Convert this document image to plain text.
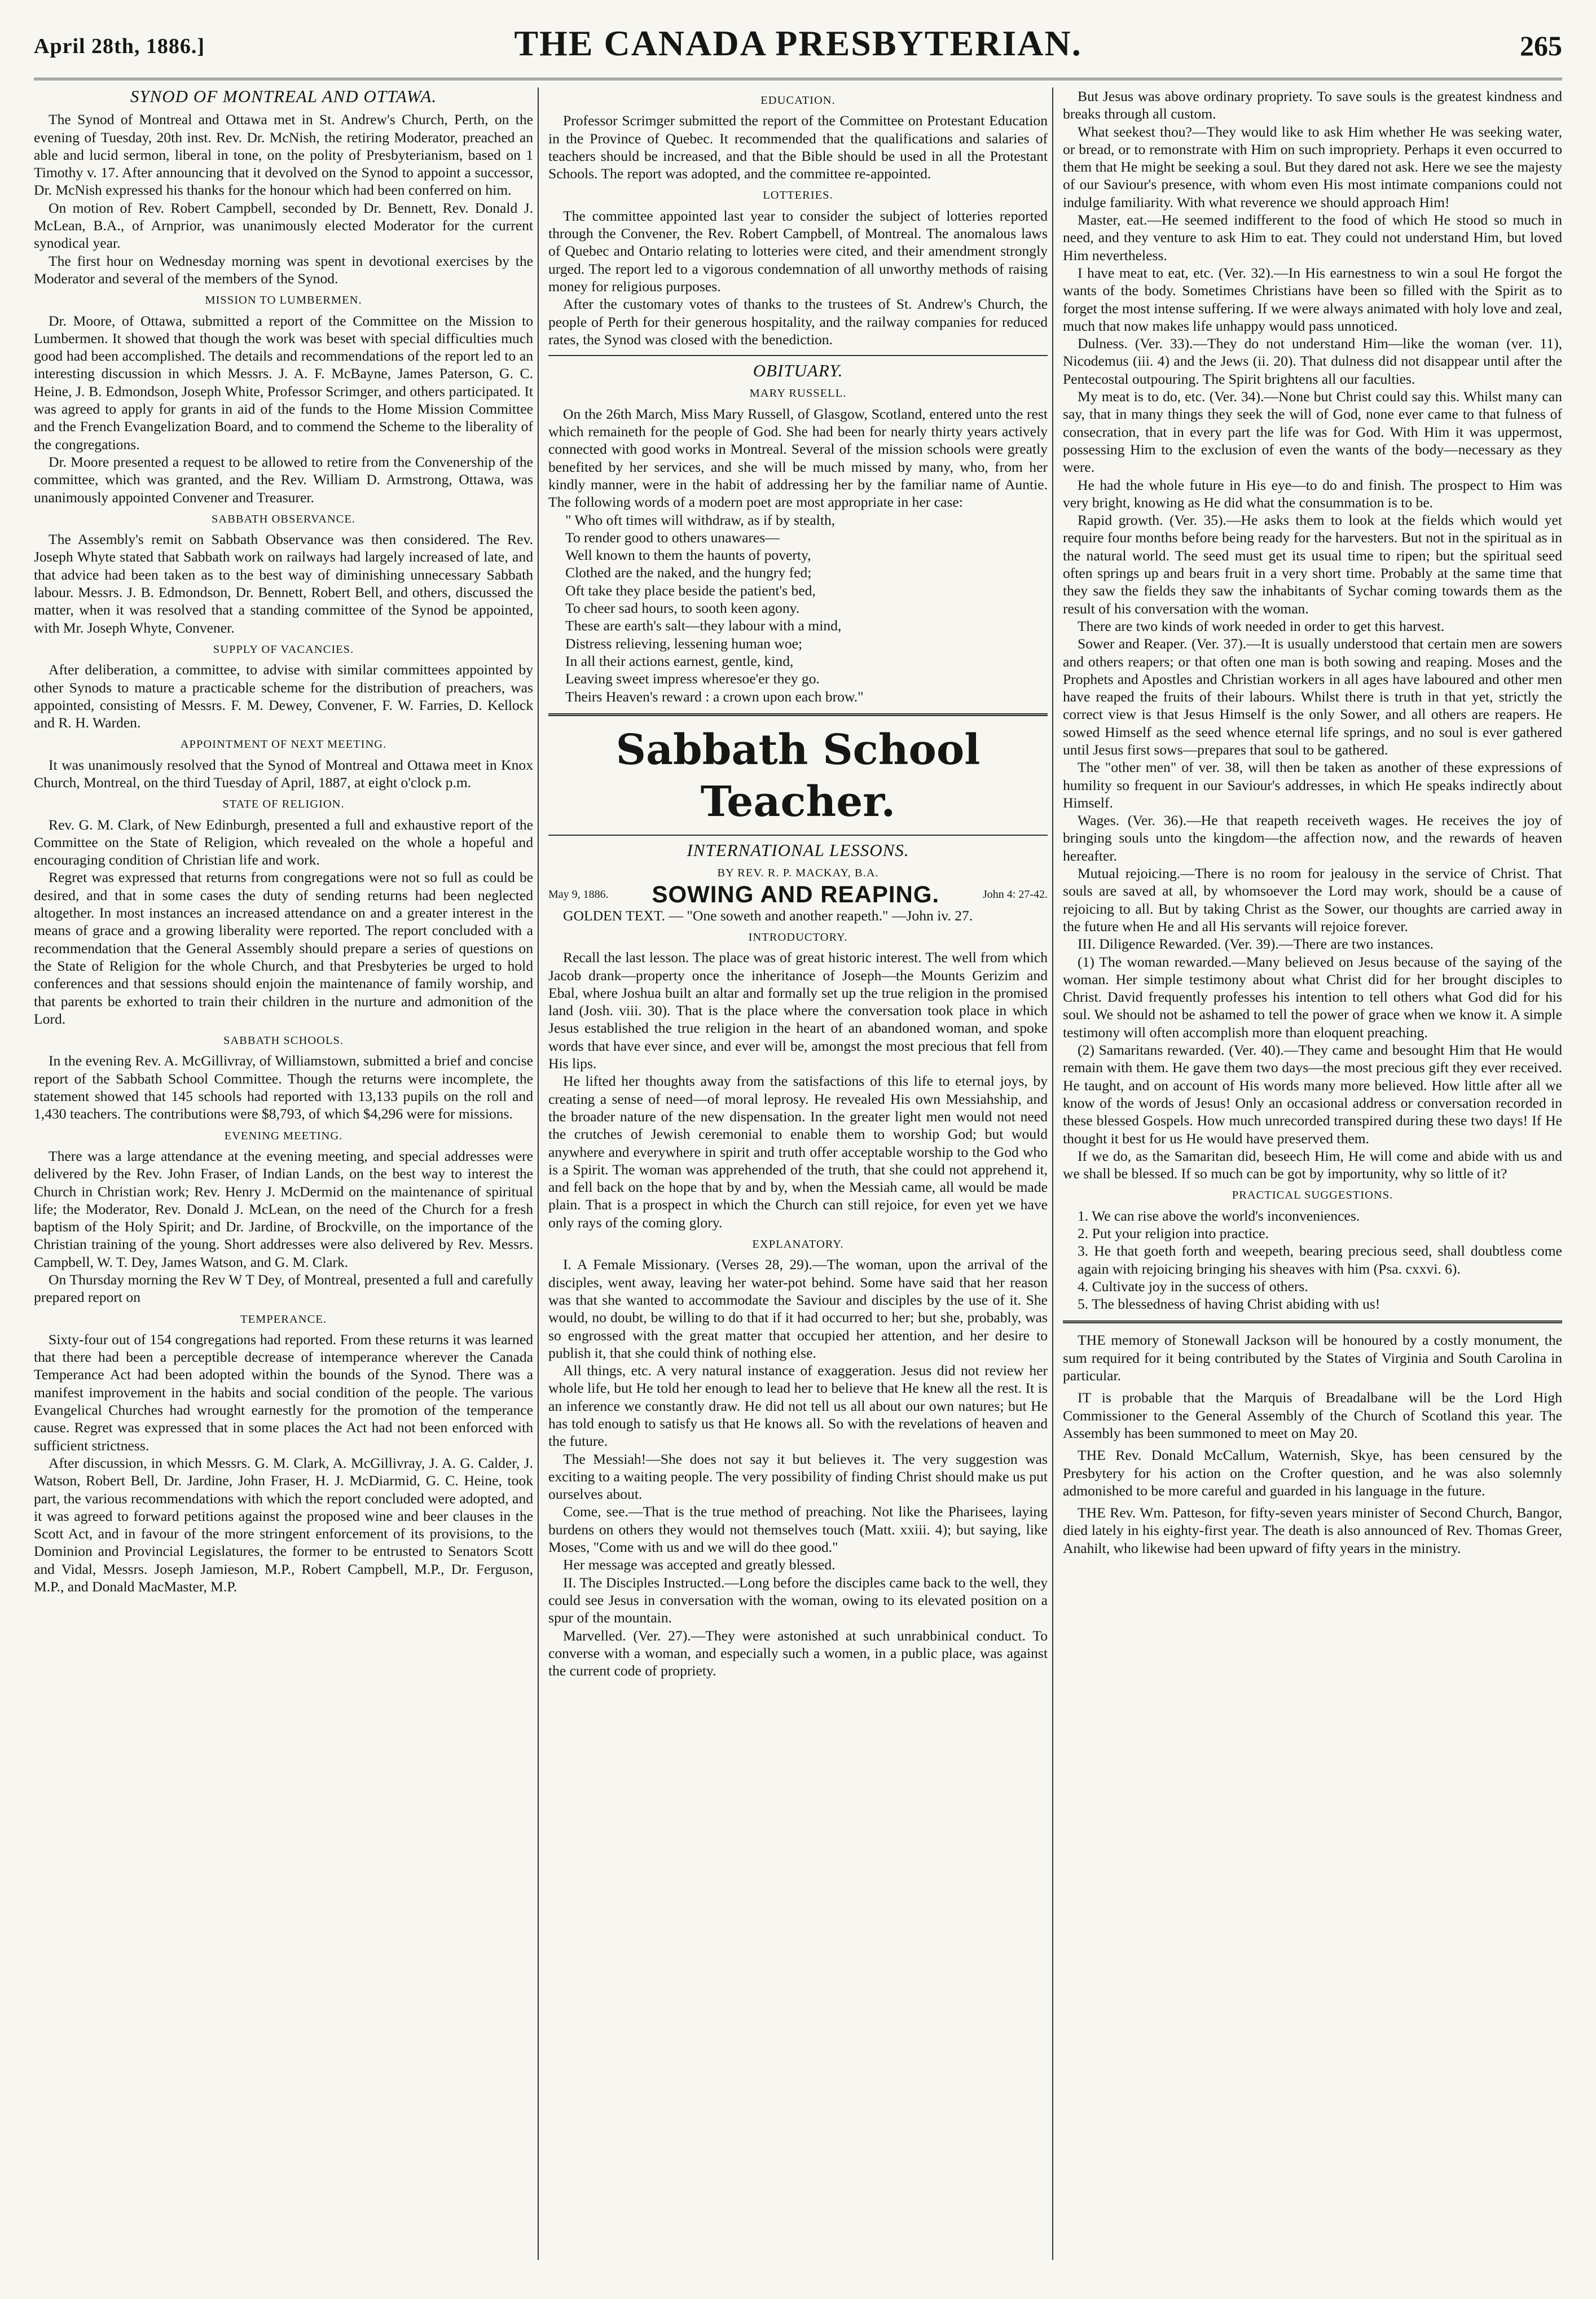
April 28th, 1886.]	THE CANADA PRESBYTERIAN.	265

SYNOD OF MONTREAL AND OTTAWA.

The Synod of Montreal and Ottawa met in St. Andrew's Church, Perth, on the evening of Tuesday, 20th inst. Rev. Dr. McNish, the retiring Moderator, preached an able and lucid sermon, liberal in tone, on the polity of Presbyterianism, based on 1 Timothy v. 17. After announcing that it devolved on the Synod to appoint a successor, Dr. McNish expressed his thanks for the honour which had been conferred on him.

On motion of Rev. Robert Campbell, seconded by Dr. Bennett, Rev. Donald J. McLean, B.A., of Arnprior, was unanimously elected Moderator for the current synodical year.

The first hour on Wednesday morning was spent in devotional exercises by the Moderator and several of the members of the Synod.

MISSION TO LUMBERMEN.

Dr. Moore, of Ottawa, submitted a report of the Committee on the Mission to Lumbermen. It showed that though the work was beset with special difficulties much good had been accomplished. The details and recommendations of the report led to an interesting discussion in which Messrs. J. A. F. McBayne, James Paterson, G. C. Heine, J. B. Edmondson, Joseph White, Professor Scrimger, and others participated. It was agreed to apply for grants in aid of the funds to the Home Mission Committee and the French Evangelization Board, and to commend the Scheme to the liberality of the congregations.

Dr. Moore presented a request to be allowed to retire from the Convenership of the committee, which was granted, and the Rev. William D. Armstrong, Ottawa, was unanimously appointed Convener and Treasurer.

SABBATH OBSERVANCE.

The Assembly's remit on Sabbath Observance was then considered. The Rev. Joseph Whyte stated that Sabbath work on railways had largely increased of late, and that advice had been taken as to the best way of diminishing unnecessary Sabbath labour. Messrs. J. B. Edmondson, Dr. Bennett, Robert Bell, and others, discussed the matter, when it was resolved that a standing committee of the Synod be appointed, with Mr. Joseph Whyte, Convener.

SUPPLY OF VACANCIES.

After deliberation, a committee, to advise with similar committees appointed by other Synods to mature a practicable scheme for the distribution of preachers, was appointed, consisting of Messrs. F. M. Dewey, Convener, F. W. Farries, D. Kellock and R. H. Warden.

APPOINTMENT OF NEXT MEETING.

It was unanimously resolved that the Synod of Montreal and Ottawa meet in Knox Church, Montreal, on the third Tuesday of April, 1887, at eight o'clock p.m.

STATE OF RELIGION.

Rev. G. M. Clark, of New Edinburgh, presented a full and exhaustive report of the Committee on the State of Religion, which revealed on the whole a hopeful and encouraging condition of Christian life and work.

Regret was expressed that returns from congregations were not so full as could be desired, and that in some cases the duty of sending returns had been neglected altogether. In most instances an increased attendance on and a greater interest in the means of grace and a growing liberality were reported. The report concluded with a recommendation that the General Assembly should prepare a series of questions on the State of Religion for the whole Church, and that Presbyteries be urged to hold conferences and that sessions should enjoin the maintenance of family worship, and that parents be exhorted to train their children in the nurture and admonition of the Lord.

SABBATH SCHOOLS.

In the evening Rev. A. McGillivray, of Williamstown, submitted a brief and concise report of the Sabbath School Committee. Though the returns were incomplete, the statement showed that 145 schools had reported with 13,133 pupils on the roll and 1,430 teachers. The contributions were $8,793, of which $4,296 were for missions.

EVENING MEETING.

There was a large attendance at the evening meeting, and special addresses were delivered by the Rev. John Fraser, of Indian Lands, on the best way to interest the Church in Christian work; Rev. Henry J. McDermid on the maintenance of spiritual life; the Moderator, Rev. Donald J. McLean, on the need of the Church for a fresh baptism of the Holy Spirit; and Dr. Jardine, of Brockville, on the importance of the Christian training of the young. Short addresses were also delivered by Rev. Messrs. Campbell, W. T. Dey, James Watson, and G. M. Clark.

On Thursday morning the Rev W T Dey, of Montreal, presented a full and carefully prepared report on

TEMPERANCE.

Sixty-four out of 154 congregations had reported. From these returns it was learned that there had been a perceptible decrease of intemperance wherever the Canada Temperance Act had been adopted within the bounds of the Synod. There was a manifest improvement in the habits and social condition of the people. The various Evangelical Churches had wrought earnestly for the promotion of the temperance cause. Regret was expressed that in some places the Act had not been enforced with sufficient strictness.

After discussion, in which Messrs. G. M. Clark, A. McGillivray, J. A. G. Calder, J. Watson, Robert Bell, Dr. Jardine, John Fraser, H. J. McDiarmid, G. C. Heine, took part, the various recommendations with which the report concluded were adopted, and it was agreed to forward petitions against the proposed wine and beer clauses in the Scott Act, and in favour of the more stringent enforcement of its provisions, to the Dominion and Provincial Legislatures, the former to be entrusted to Senators Scott and Vidal, Messrs. Joseph Jamieson, M.P., Robert Campbell, M.P., Dr. Ferguson, M.P., and Donald MacMaster, M.P.

EDUCATION.

Professor Scrimger submitted the report of the Committee on Protestant Education in the Province of Quebec. It recommended that the qualifications and salaries of teachers should be increased, and that the Bible should be used in all the Protestant Schools. The report was adopted, and the committee re-appointed.

LOTTERIES.

The committee appointed last year to consider the subject of lotteries reported through the Convener, the Rev. Robert Campbell, of Montreal. The anomalous laws of Quebec and Ontario relating to lotteries were cited, and their amendment strongly urged. The report led to a vigorous condemnation of all unworthy methods of raising money for religious purposes.

After the customary votes of thanks to the trustees of St. Andrew's Church, the people of Perth for their generous hospitality, and the railway companies for reduced rates, the Synod was closed with the benediction.

OBITUARY.

MARY RUSSELL.

On the 26th March, Miss Mary Russell, of Glasgow, Scotland, entered unto the rest which remaineth for the people of God. She had been for nearly thirty years actively connected with good works in Montreal. Several of the mission schools were greatly benefited by her services, and she will be much missed by many, who, from her kindly manner, were in the habit of addressing her by the familiar name of Auntie. The following words of a modern poet are most appropriate in her case:

" Who oft times will withdraw, as if by stealth,

To render good to others unawares—

Well known to them the haunts of poverty,

Clothed are the naked, and the hungry fed;

Oft take they place beside the patient's bed,

To cheer sad hours, to sooth keen agony.

These are earth's salt—they labour with a mind,

Distress relieving, lessening human woe;

In all their actions earnest, gentle, kind,

Leaving sweet impress wheresoe'er they go.

Theirs Heaven's reward : a crown upon each brow."

Sabbath School Teacher.

INTERNATIONAL LESSONS.

BY REV. R. P. MACKAY, B.A.

May 9, 1886. SOWING AND REAPING.	John 4: 27-42.

GOLDEN TEXT. — "One soweth and another reapeth." —John iv. 27.

INTRODUCTORY.

Recall the last lesson. The place was of great historic interest. The well from which Jacob drank—property once the inheritance of Joseph—the Mounts Gerizim and Ebal, where Joshua built an altar and formally set up the true religion in the promised land (Josh. viii. 30). That is the place where the conversation took place in which Jesus established the true religion in the heart of an abandoned woman, and spoke words that have ever since, and ever will be, amongst the most precious that fell from His lips.

He lifted her thoughts away from the satisfactions of this life to eternal joys, by creating a sense of need—of moral leprosy. He revealed His own Messiahship, and the broader nature of the new dispensation. In the greater light men would not need the crutches of Jewish ceremonial to enable them to worship God; but would anywhere and everywhere in spirit and truth offer acceptable worship to the God who is a Spirit. The woman was apprehended of the truth, that she could not apprehend it, and fell back on the hope that by and by, when the Messiah came, all would be made plain. That is a prospect in which the Church can still rejoice, for even yet we have only rays of the coming glory.

EXPLANATORY.

I. A Female Missionary. (Verses 28, 29).—The woman, upon the arrival of the disciples, went away, leaving her water-pot behind. Some have said that her reason was that she wanted to accommodate the Saviour and disciples by the use of it. She would, no doubt, be willing to do that if it had occurred to her; but she, probably, was so engrossed with the great matter that occupied her attention, and her desire to publish it, that she could think of nothing else.

All things, etc. A very natural instance of exaggeration. Jesus did not review her whole life, but He told her enough to lead her to believe that He knew all the rest. It is an inference we constantly draw. He did not tell us all about our own natures; but He has told enough to satisfy us that He knows all. So with the revelations of heaven and the future.

The Messiah!—She does not say it but believes it. The very suggestion was exciting to a waiting people. The very possibility of finding Christ should make us put ourselves about.

Come, see.—That is the true method of preaching. Not like the Pharisees, laying burdens on others they would not themselves touch (Matt. xxiii. 4); but saying, like Moses, "Come with us and we will do thee good."

Her message was accepted and greatly blessed.

II. The Disciples Instructed.—Long before the disciples came back to the well, they could see Jesus in conversation with the woman, owing to its elevated position on a spur of the mountain.

Marvelled. (Ver. 27).—They were astonished at such unrabbinical conduct. To converse with a woman, and especially such a women, in a public place, was against the current code of propriety.

But Jesus was above ordinary propriety. To save souls is the greatest kindness and breaks through all custom.

What seekest thou?—They would like to ask Him whether He was seeking water, or bread, or to remonstrate with Him on such impropriety. Perhaps it even occurred to them that He might be seeking a soul. But they dared not ask. Here we see the majesty of our Saviour's presence, with whom even His most intimate companions could not indulge familiarity. With what reverence we should approach Him!

Master, eat.—He seemed indifferent to the food of which He stood so much in need, and they venture to ask Him to eat. They could not understand Him, but loved Him nevertheless.

I have meat to eat, etc. (Ver. 32).—In His earnestness to win a soul He forgot the wants of the body. Sometimes Christians have been so filled with the Spirit as to forget the most intense suffering. If we were always animated with holy love and zeal, much that now makes life unhappy would pass unnoticed.

Dulness. (Ver. 33).—They do not understand Him—like the woman (ver. 11), Nicodemus (iii. 4) and the Jews (ii. 20). That dulness did not disappear until after the Pentecostal outpouring. The Spirit brightens all our faculties.

My meat is to do, etc. (Ver. 34).—None but Christ could say this. Whilst many can say, that in many things they seek the will of God, none ever came to that fulness of consecration, that in every part the life was for God. With Him it was uppermost, possessing Him to the exclusion of even the wants of the body—necessary as they were.

He had the whole future in His eye—to do and finish. The prospect to Him was very bright, knowing as He did what the consummation is to be.

Rapid growth. (Ver. 35).—He asks them to look at the fields which would yet require four months before being ready for the harvesters. But not in the spiritual as in the natural world. The seed must get its usual time to ripen; but the spiritual seed often springs up and bears fruit in a very short time. Probably at the same time that they saw the fields they saw the inhabitants of Sychar coming towards them as the result of his conversation with the woman.

There are two kinds of work needed in order to get this harvest.

Sower and Reaper. (Ver. 37).—It is usually understood that certain men are sowers and others reapers; or that often one man is both sowing and reaping. Moses and the Prophets and Apostles and Christian workers in all ages have laboured and other men have reaped the fruits of their labours. Whilst there is truth in that yet, strictly the correct view is that Jesus Himself is the only Sower, and all others are reapers. He sowed Himself as the seed whence eternal life springs, and no soul is ever gathered until Jesus first sows—prepares that soul to be gathered.

The "other men" of ver. 38, will then be taken as another of these expressions of humility so frequent in our Saviour's addresses, in which He speaks indirectly about Himself.

Wages. (Ver. 36).—He that reapeth receiveth wages. He receives the joy of bringing souls unto the kingdom—the affection now, and the rewards of heaven hereafter.

Mutual rejoicing.—There is no room for jealousy in the service of Christ. That souls are saved at all, by whomsoever the Lord may work, should be a cause of rejoicing to all. But by taking Christ as the Sower, our thoughts are carried away in the future when He and all His servants will rejoice forever.

III. Diligence Rewarded. (Ver. 39).—There are two instances.

(1) The woman rewarded.—Many believed on Jesus because of the saying of the woman. Her simple testimony about what Christ did for her brought disciples to Christ. David frequently professes his intention to tell others what God did for his soul. We should not be ashamed to tell the power of grace when we know it. A simple testimony will often accomplish more than eloquent preaching.

(2) Samaritans rewarded. (Ver. 40).—They came and besought Him that He would remain with them. He gave them two days—the most precious gift they ever received. He taught, and on account of His words many more believed. How little after all we know of the words of Jesus! Only an occasional address or conversation recorded in these blessed Gospels. How much unrecorded transpired during these two days! If He thought it best for us He would have preserved them.

If we do, as the Samaritan did, beseech Him, He will come and abide with us and we shall be blessed. If so much can be got by importunity, why so little of it?

PRACTICAL SUGGESTIONS.

1. We can rise above the world's inconveniences.

2. Put your religion into practice.

3. He that goeth forth and weepeth, bearing precious seed, shall doubtless come again with rejoicing bringing his sheaves with him (Psa. cxxvi. 6).

4. Cultivate joy in the success of others.

5. The blessedness of having Christ abiding with us!

THE memory of Stonewall Jackson will be honoured by a costly monument, the sum required for it being contributed by the States of Virginia and South Carolina in particular.

IT is probable that the Marquis of Breadalbane will be the Lord High Commissioner to the General Assembly of the Church of Scotland this year. The Assembly has been summoned to meet on May 20.

THE Rev. Donald McCallum, Waternish, Skye, has been censured by the Presbytery for his action on the Crofter question, and he was also solemnly admonished to be more careful and guarded in his language in the future.

THE Rev. Wm. Patteson, for fifty-seven years minister of Second Church, Bangor, died lately in his eighty-first year. The death is also announced of Rev. Thomas Greer, Anahilt, who likewise had been upward of fifty years in the ministry.
